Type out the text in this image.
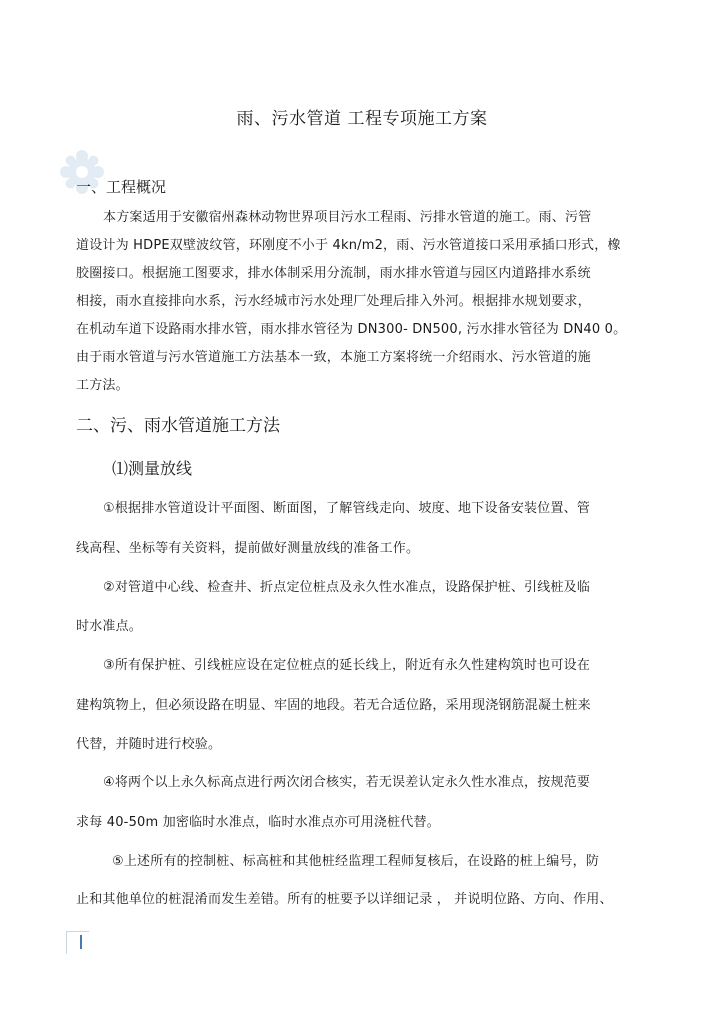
雨、污水管道 工程专项施工方案
一、工程概况
本方案适用于安徽宿州森林动物世界项目污水工程雨、污排水管道的施工。雨、污管
道设计为 HDPE双壁波纹管，环刚度不小于 4kn/m2，雨、污水管道接口采用承插口形式，橡
胶圈接口。根据施工图要求，排水体制采用分流制，雨水排水管道与园区内道路排水系统
相接，雨水直接排向水系，污水经城市污水处理厂处理后排入外河。根据排水规划要求，
在机动车道下设路雨水排水管，雨水排水管径为 DN300- DN500, 污水排水管径为 DN40 0。
由于雨水管道与污水管道施工方法基本一致，本施工方案将统一介绍雨水、污水管道的施
工方法。
二、污、雨水管道施工方法
⑴测量放线
①根据排水管道设计平面图、断面图，了解管线走向、坡度、地下设备安装位置、管
线高程、坐标等有关资料，提前做好测量放线的准备工作。
②对管道中心线、检查井、折点定位桩点及永久性水准点，设路保护桩、引线桩及临
时水准点。
③所有保护桩、引线桩应设在定位桩点的延长线上，附近有永久性建构筑时也可设在
建构筑物上，但必须设路在明显、牢固的地段。若无合适位路，采用现浇钢筋混凝土桩来
代替，并随时进行校验。
④将两个以上永久标高点进行两次闭合核实，若无误差认定永久性水准点，按规范要
求每 40-50m 加密临时水准点，临时水准点亦可用浇桩代替。
⑤上述所有的控制桩、标高桩和其他桩经监理工程师复核后，在设路的桩上编号，防
止和其他单位的桩混淆而发生差错。所有的桩要予以详细记录 ， 并说明位路、方向、作用、
